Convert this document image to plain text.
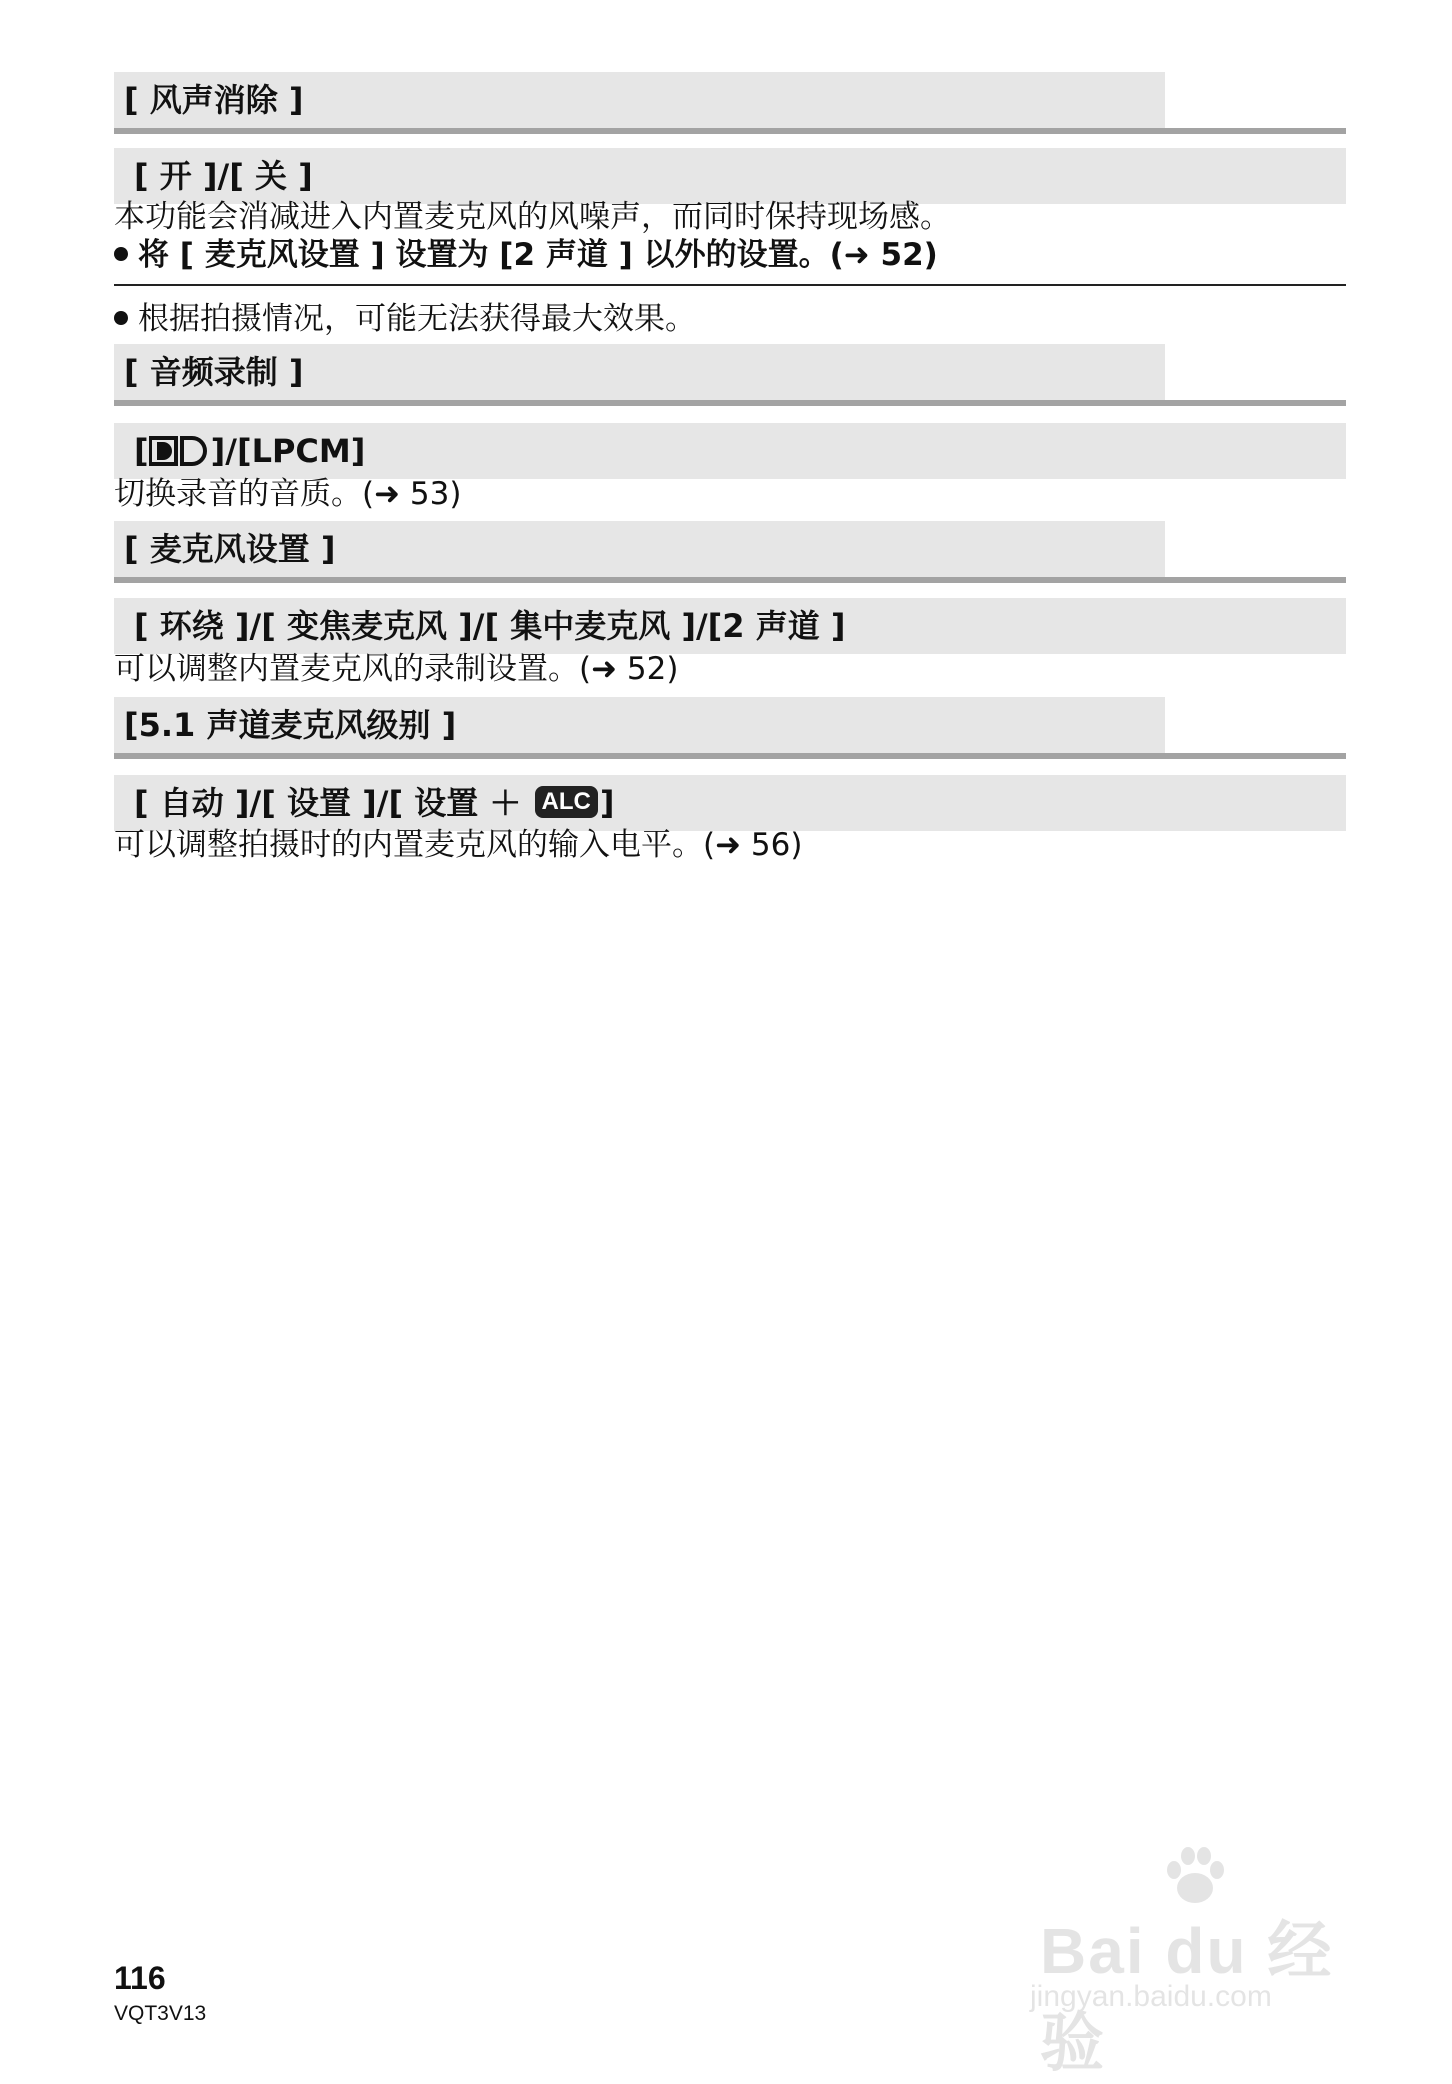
[ 风声消除 ]
[ 开 ]/[ 关 ]
本功能会消减进入内置麦克风的风噪声，而同时保持现场感。
将 [ 麦克风设置 ] 设置为 [2 声道 ] 以外的设置。(➜ 52)
根据拍摄情况，可能无法获得最大效果。
[ 音频录制 ]
[ ]/[LPCM]
切换录音的音质。(➜ 53)
[ 麦克风设置 ]
[ 环绕 ]/[ 变焦麦克风 ]/[ 集中麦克风 ]/[2 声道 ]
可以调整内置麦克风的录制设置。(➜ 52)
[5.1 声道麦克风级别 ]
[ 自动 ]/[ 设置 ]/[ 设置 ＋ ALC ]
可以调整拍摄时的内置麦克风的输入电平。(➜ 56)
116
VQT3V13
Bai du 经验
jingyan.baidu.com
